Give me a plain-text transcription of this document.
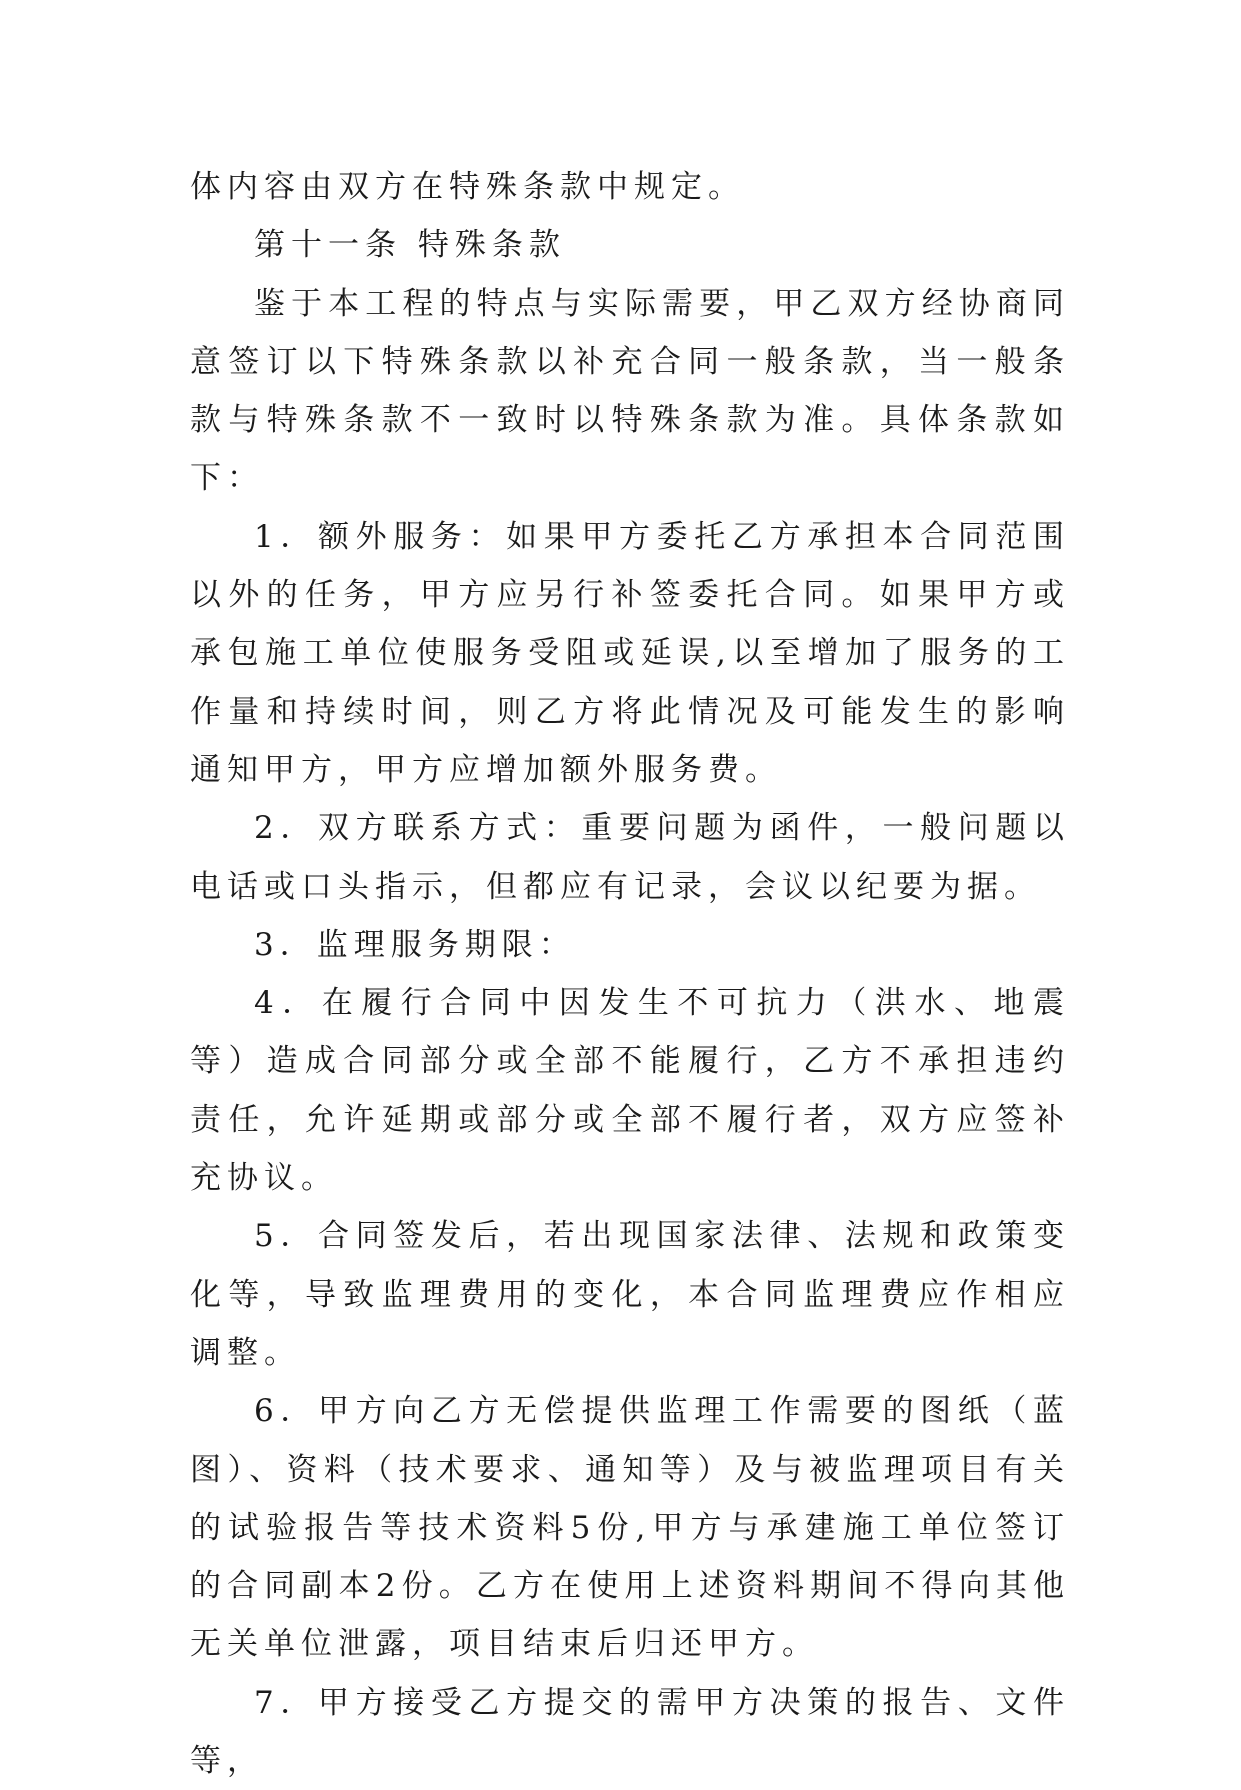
体内容由双方在特殊条款中规定。

第十一条 特殊条款

鉴于本工程的特点与实际需要，甲乙双方经协商同意签订以下特殊条款以补充合同一般条款，当一般条款与特殊条款不一致时以特殊条款为准。具体条款如下：

1．额外服务：如果甲方委托乙方承担本合同范围以外的任务，甲方应另行补签委托合同。如果甲方或承包施工单位使服务受阻或延误,以至增加了服务的工作量和持续时间，则乙方将此情况及可能发生的影响通知甲方，甲方应增加额外服务费。

2．双方联系方式：重要问题为函件，一般问题以电话或口头指示，但都应有记录，会议以纪要为据。

3．监理服务期限：

4．在履行合同中因发生不可抗力（洪水、地震等）造成合同部分或全部不能履行，乙方不承担违约责任，允许延期或部分或全部不履行者，双方应签补充协议。

5．合同签发后，若出现国家法律、法规和政策变化等，导致监理费用的变化，本合同监理费应作相应调整。

6．甲方向乙方无偿提供监理工作需要的图纸（蓝图）、资料（技术要求、通知等）及与被监理项目有关的试验报告等技术资料5份,甲方与承建施工单位签订的合同副本2份。乙方在使用上述资料期间不得向其他无关单位泄露，项目结束后归还甲方。

7．甲方接受乙方提交的需甲方决策的报告、文件等，
